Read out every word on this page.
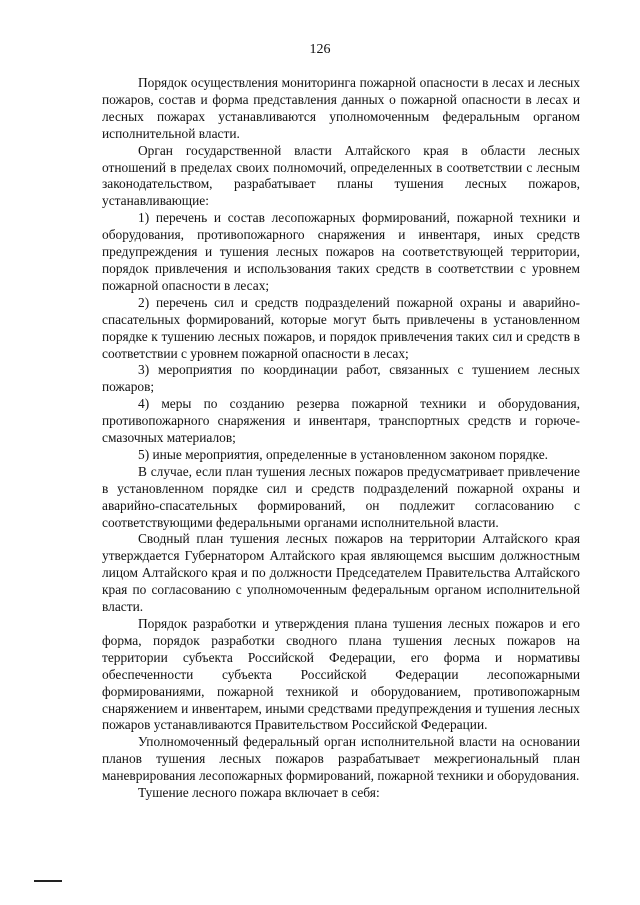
126

Порядок осуществления мониторинга пожарной опасности в лесах и лесных пожаров, состав и форма представления данных о пожарной опасности в лесах и лесных пожарах устанавливаются уполномоченным федеральным органом исполнительной власти.

Орган государственной власти Алтайского края в области лесных отношений в пределах своих полномочий, определенных в соответствии с лесным законодательством, разрабатывает планы тушения лесных пожаров, устанавливающие:

1) перечень и состав лесопожарных формирований, пожарной техники и оборудования, противопожарного снаряжения и инвентаря, иных средств предупреждения и тушения лесных пожаров на соответствующей территории, порядок привлечения и использования таких средств в соответствии с уровнем пожарной опасности в лесах;

2) перечень сил и средств подразделений пожарной охраны и аварийно-спасательных формирований, которые могут быть привлечены в установленном порядке к тушению лесных пожаров, и порядок привлечения таких сил и средств в соответствии с уровнем пожарной опасности в лесах;

3) мероприятия по координации работ, связанных с тушением лесных пожаров;

4) меры по созданию резерва пожарной техники и оборудования, противопожарного снаряжения и инвентаря, транспортных средств и горюче-смазочных материалов;

5) иные мероприятия, определенные в установленном законом порядке.

В случае, если план тушения лесных пожаров предусматривает привлечение в установленном порядке сил и средств подразделений пожарной охраны и аварийно-спасательных формирований, он подлежит согласованию с соответствующими федеральными органами исполнительной власти.

Сводный план тушения лесных пожаров на территории Алтайского края утверждается Губернатором Алтайского края являющемся высшим должностным лицом Алтайского края и по должности Председателем Правительства Алтайского края по согласованию с уполномоченным федеральным органом исполнительной власти.

Порядок разработки и утверждения плана тушения лесных пожаров и его форма, порядок разработки сводного плана тушения лесных пожаров на территории субъекта Российской Федерации, его форма и нормативы обеспеченности субъекта Российской Федерации лесопожарными формированиями, пожарной техникой и оборудованием, противопожарным снаряжением и инвентарем, иными средствами предупреждения и тушения лесных пожаров устанавливаются Правительством Российской Федерации.

Уполномоченный федеральный орган исполнительной власти на основании планов тушения лесных пожаров разрабатывает межрегиональный план маневрирования лесопожарных формирований, пожарной техники и оборудования.

Тушение лесного пожара включает в себя:
